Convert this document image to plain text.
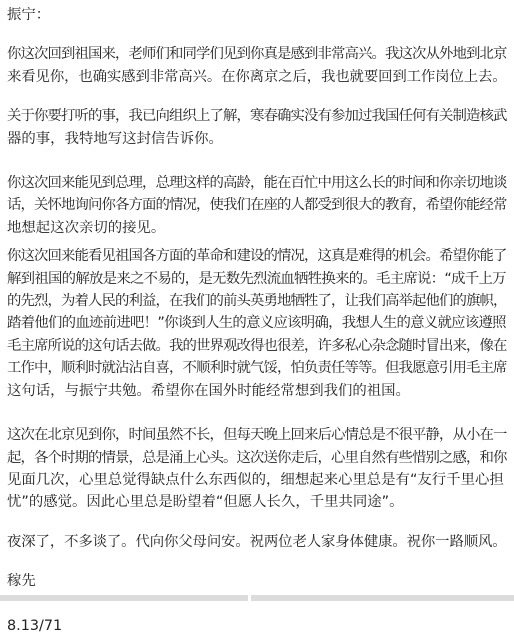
振宁：
你这次回到祖国来，老师们和同学们见到你真是感到非常高兴。我这次从外地到北京
来看见你，也确实感到非常高兴。在你离京之后，我也就要回到工作岗位上去。
关于你要打听的事，我已向组织上了解，寒春确实没有参加过我国任何有关制造核武
器的事，我特地写这封信告诉你。
你这次回来能见到总理，总理这样的高龄，能在百忙中用这么长的时间和你亲切地谈
话，关怀地询问你各方面的情况，使我们在座的人都受到很大的教育，希望你能经常
地想起这次亲切的接见。
你这次回来能看见祖国各方面的革命和建设的情况，这真是难得的机会。希望你能了
解到祖国的解放是来之不易的，是无数先烈流血牺牲换来的。毛主席说：“成千上万
的先烈，为着人民的利益，在我们的前头英勇地牺牲了，让我们高举起他们的旗帜，
踏着他们的血迹前进吧！”你谈到人生的意义应该明确，我想人生的意义就应该遵照
毛主席所说的这句话去做。我的世界观改得也很差，许多私心杂念随时冒出来，像在
工作中，顺利时就沾沾自喜，不顺利时就气馁，怕负责任等等。但我愿意引用毛主席
这句话，与振宁共勉。希望你在国外时能经常想到我们的祖国。
这次在北京见到你，时间虽然不长，但每天晚上回来后心情总是不很平静，从小在一
起，各个时期的情景，总是涌上心头。这次送你走后，心里自然有些惜别之感，和你
见面几次，心里总觉得缺点什么东西似的，细想起来心里总是有“友行千里心担
忧”的感觉。因此心里总是盼望着“但愿人长久，千里共同途”。
夜深了，不多谈了。代向你父母问安。祝两位老人家身体健康。祝你一路顺风。
稼先
8.13/71
